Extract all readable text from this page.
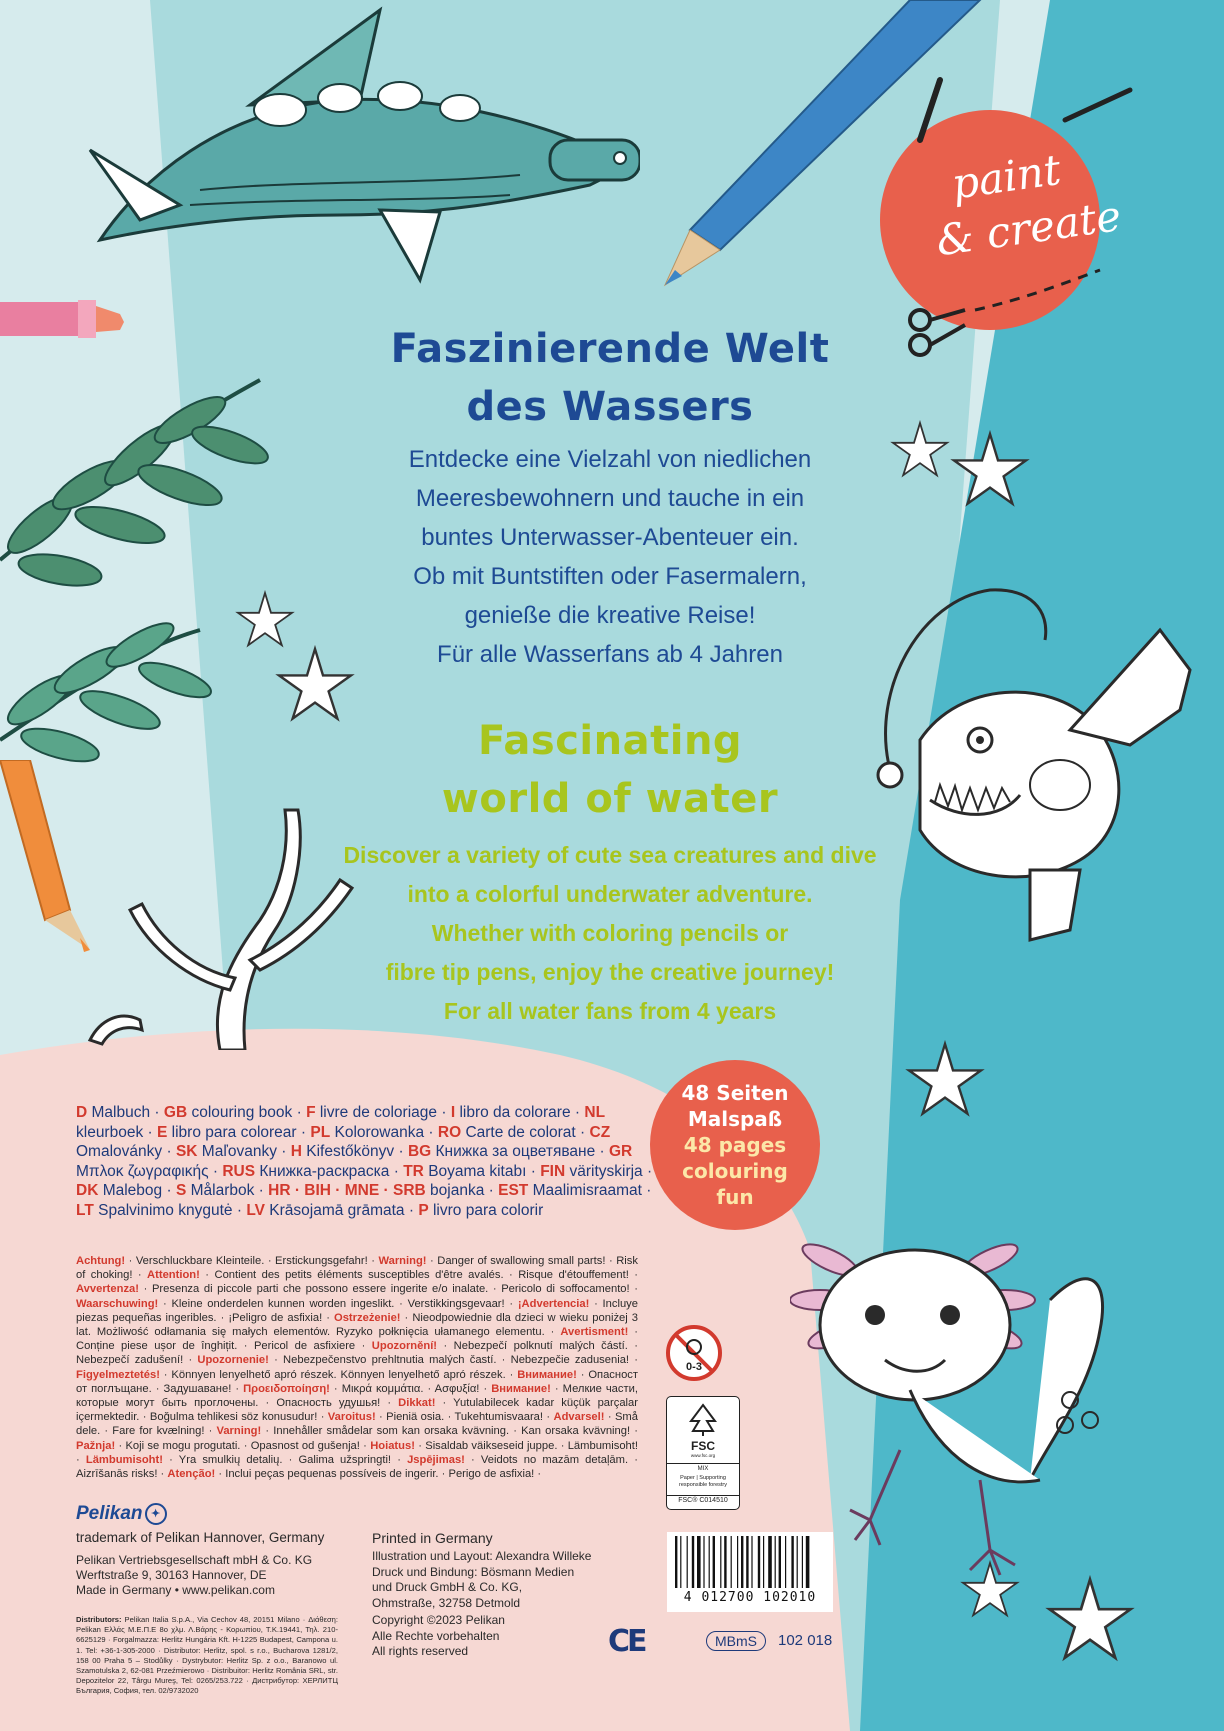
paint
& create
Faszinierende Welt
des Wassers
Entdecke eine Vielzahl von niedlichen
Meeresbewohnern und tauche in ein
buntes Unterwasser-Abenteuer ein.
Ob mit Buntstiften oder Fasermalern,
genieße die kreative Reise!
Für alle Wasserfans ab 4 Jahren
Fascinating
world of water
Discover a variety of cute sea creatures and dive
into a colorful underwater adventure.
Whether with coloring pencils or
fibre tip pens, enjoy the creative journey!
For all water fans from 4 years
48 Seiten
Malspaß
48 pages
colouring
fun
D Malbuch · GB colouring book · F livre de coloriage · I libro da colorare · NL kleurboek · E libro para colorear · PL Kolorowanka · RO Carte de colorat · CZ Omalovánky · SK Maľovanky · H Kifestőkönyv · BG Книжка за оцветяване · GR Μπλοκ ζωγραφικής · RUS Книжка-раскраска · TR Boyama kitabı · FIN värityskirja · DK Malebog · S Målarbok · HR · BIH · MNE · SRB bojanka · EST Maalimisraamat · LT Spalvinimo knygutė · LV Krāsojamā grāmata · P livro para colorir
Achtung! · Verschluckbare Kleinteile. · Erstickungsgefahr! · Warning! · Danger of swallowing small parts! · Risk of choking! · Attention! · Contient des petits éléments susceptibles d'être avalés. · Risque d'étouffement! · Avvertenza! · Presenza di piccole parti che possono essere ingerite e/o inalate. · Pericolo di soffocamento! · Waarschuwing! · Kleine onderdelen kunnen worden ingeslikt. · Verstikkingsgevaar! · ¡Advertencia! · Incluye piezas pequeñas ingeribles. · ¡Peligro de asfixia! · Ostrzeżenie! · Nieodpowiednie dla dzieci w wieku poniżej 3 lat. Możliwość odłamania się małych elementów. Ryzyko połknięcia ułamanego elementu. · Avertisment! · Conține piese ușor de înghițit. · Pericol de asfixiere · Upozornění! · Nebezpečí polknutí malých částí. · Nebezpečí zadušení! · Upozornenie! · Nebezpečenstvo prehltnutia malých častí. · Nebezpečie zadusenia! · Figyelmeztetés! · Könnyen lenyelhető apró részek. Könnyen lenyelhető apró részek. · Внимание! · Опасност от поглъщане. · Задушаване! · Προειδοποίηση! · Μικρά κομμάτια. · Ασφυξία! · Внимание! · Мелкие части, которые могут быть проглочены. · Опасность удушья! · Dikkat! · Yutulabilecek kadar küçük parçalar içermektedir. · Boğulma tehlikesi söz konusudur! · Varoitus! · Pieniä osia. · Tukehtumisvaara! · Advarsel! · Små dele. · Fare for kvælning! · Varning! · Innehåller smådelar som kan orsaka kvävning. · Kan orsaka kvävning! · Pažnja! · Koji se mogu progutati. · Opasnost od gušenja! · Hoiatus! · Sisaldab väikseseid juppe. · Lämbumisoht! · Lämbumisoht! · Yra smulkių detalių. · Galima užspringti! · Jspējimas! · Veidots no mazām detaļām. · Aizrīšanās risks! · Atenção! · Inclui peças pequenas possíveis de ingerir. · Perigo de asfixia! ·
0-3
FSC
www.fsc.org
MIX
Paper | Supporting responsible forestry
FSC® C014510
Pelikan ✦
trademark of Pelikan Hannover, Germany
Pelikan Vertriebsgesellschaft mbH & Co. KG
Werftstraße 9, 30163 Hannover, DE
Made in Germany • www.pelikan.com
Distributors: Pelikan Italia S.p.A., Via Cechov 48, 20151 Milano · Διάθεση: Pelikan Ελλάς Μ.Ε.Π.Ε 8ο χλμ. Λ.Βάρης - Κορωπίου, Τ.Κ.19441, Τηλ. 210-6625129 · Forgalmazza: Herlitz Hungária Kft. H-1225 Budapest, Campona u. 1. Tel: +36-1-305-2000 · Distributor: Herlitz, spol. s r.o., Bucharova 1281/2, 158 00 Praha 5 – Stodůlky · Dystrybutor: Herlitz Sp. z o.o., Baranowo ul. Szamotulska 2, 62-081 Przeźmierowo · Distribuitor: Herlitz România SRL, str. Depozitelor 22, Târgu Mureş, Tel: 0265/253.722 · Дистрибутор: ХЕРЛИТЦ България, София, тел. 02/9732020
Printed in Germany
Illustration und Layout: Alexandra Willeke
Druck und Bindung: Bösmann Medien
und Druck GmbH & Co. KG,
Ohmstraße, 32758 Detmold
Copyright ©2023 Pelikan
Alle Rechte vorbehalten
All rights reserved
4 012700 102010
CE	MBmS	102 018
